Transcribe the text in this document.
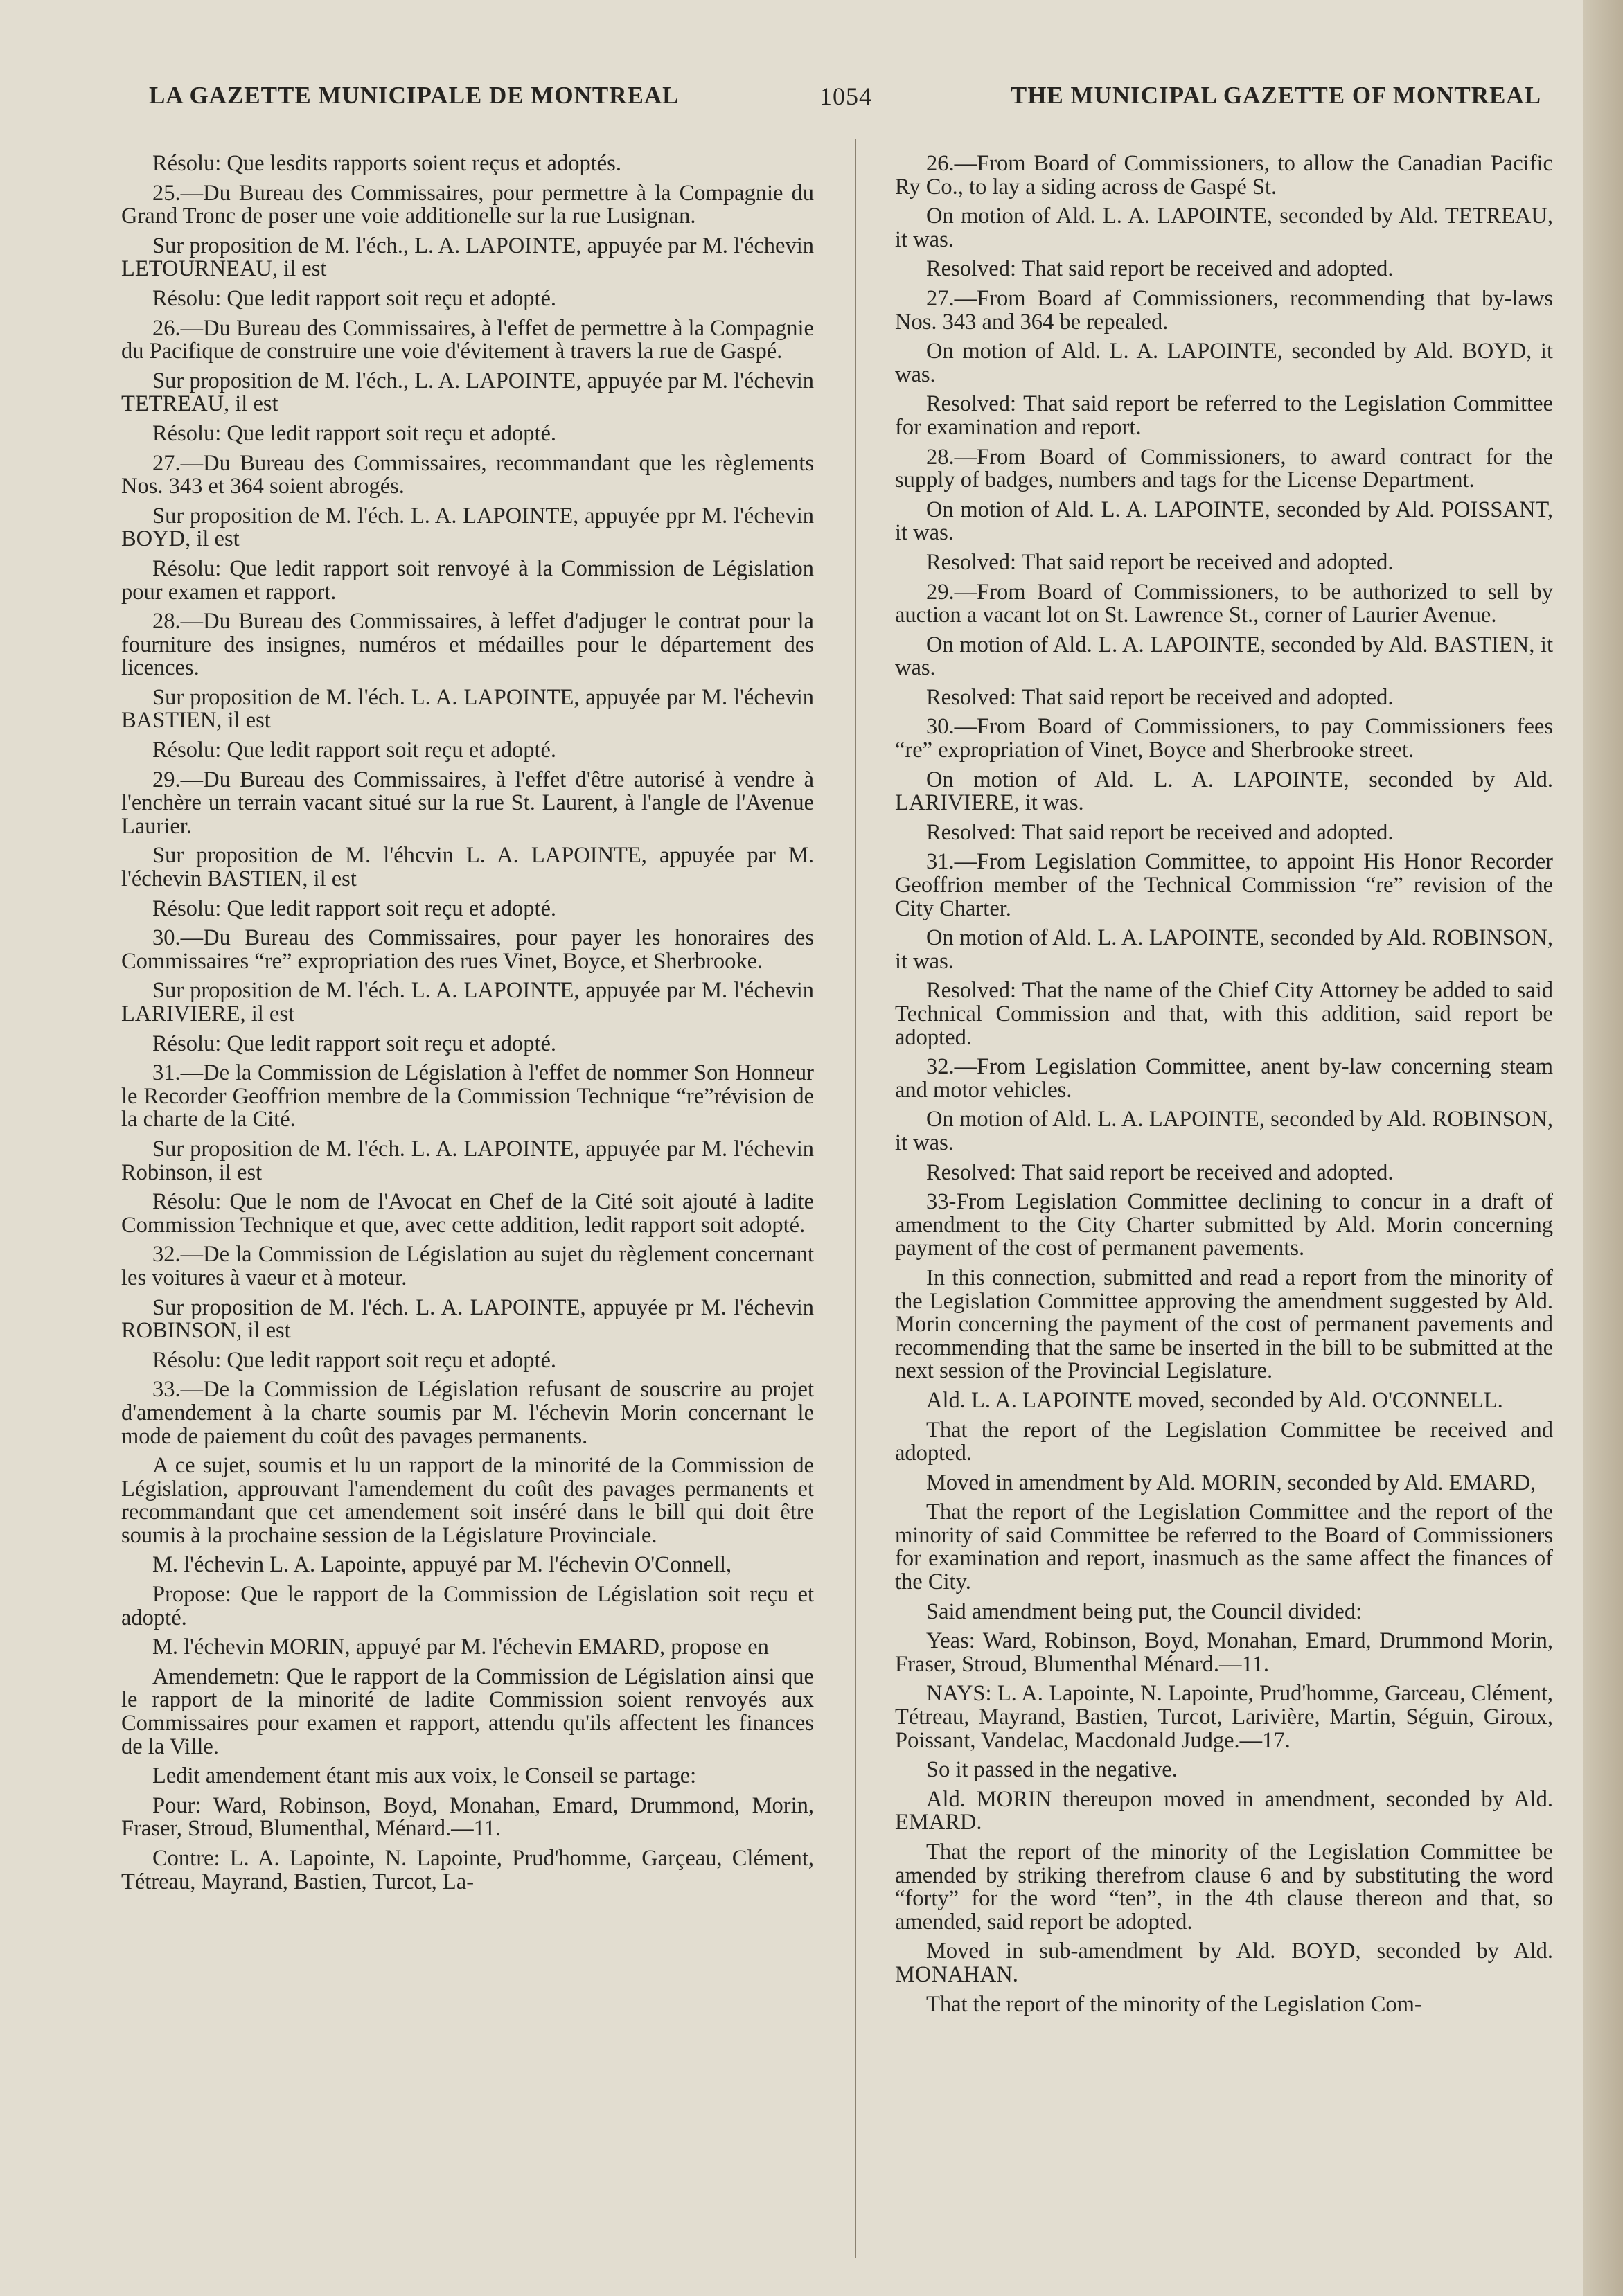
LA GAZETTE MUNICIPALE DE MONTREAL	1054	THE MUNICIPAL GAZETTE OF MONTREAL

Résolu: Que lesdits rapports soient reçus et adoptés.

25.—Du Bureau des Commissaires, pour permettre à la Compagnie du Grand Tronc de poser une voie additionelle sur la rue Lusignan.

Sur proposition de M. l'éch., L. A. LAPOINTE, appuyée par M. l'échevin LETOURNEAU, il est

Résolu: Que ledit rapport soit reçu et adopté.

26.—Du Bureau des Commissaires, à l'effet de permettre à la Compagnie du Pacifique de construire une voie d'évitement à travers la rue de Gaspé.

Sur proposition de M. l'éch., L. A. LAPOINTE, appuyée par M. l'échevin TETREAU, il est

Résolu: Que ledit rapport soit reçu et adopté.

27.—Du Bureau des Commissaires, recommandant que les règlements Nos. 343 et 364 soient abrogés.

Sur proposition de M. l'éch. L. A. LAPOINTE, appuyée ppr M. l'échevin BOYD, il est

Résolu: Que ledit rapport soit renvoyé à la Commission de Législation pour examen et rapport.

28.—Du Bureau des Commissaires, à leffet d'adjuger le contrat pour la fourniture des insignes, numéros et médailles pour le département des licences.

Sur proposition de M. l'éch. L. A. LAPOINTE, appuyée par M. l'échevin BASTIEN, il est

Résolu: Que ledit rapport soit reçu et adopté.

29.—Du Bureau des Commissaires, à l'effet d'être autorisé à vendre à l'enchère un terrain vacant situé sur la rue St. Laurent, à l'angle de l'Avenue Laurier.

Sur proposition de M. l'éhcvin L. A. LAPOINTE, appuyée par M. l'échevin BASTIEN, il est

Résolu: Que ledit rapport soit reçu et adopté.

30.—Du Bureau des Commissaires, pour payer les honoraires des Commissaires “re” expropriation des rues Vinet, Boyce, et Sherbrooke.

Sur proposition de M. l'éch. L. A. LAPOINTE, appuyée par M. l'échevin LARIVIERE, il est

Résolu: Que ledit rapport soit reçu et adopté.

31.—De la Commission de Législation à l'effet de nommer Son Honneur le Recorder Geoffrion membre de la Commission Technique “re”révision de la charte de la Cité.

Sur proposition de M. l'éch. L. A. LAPOINTE, appuyée par M. l'échevin Robinson, il est

Résolu: Que le nom de l'Avocat en Chef de la Cité soit ajouté à ladite Commission Technique et que, avec cette addition, ledit rapport soit adopté.

32.—De la Commission de Législation au sujet du règlement concernant les voitures à vaeur et à moteur.

Sur proposition de M. l'éch. L. A. LAPOINTE, appuyée pr M. l'échevin ROBINSON, il est

Résolu: Que ledit rapport soit reçu et adopté.

33.—De la Commission de Législation refusant de souscrire au projet d'amendement à la charte soumis par M. l'échevin Morin concernant le mode de paiement du coût des pavages permanents.

A ce sujet, soumis et lu un rapport de la minorité de la Commission de Législation, approuvant l'amendement du coût des pavages permanents et recommandant que cet amendement soit inséré dans le bill qui doit être soumis à la prochaine session de la Législature Provinciale.

M. l'échevin L. A. Lapointe, appuyé par M. l'échevin O'Connell,

Propose: Que le rapport de la Commission de Législation soit reçu et adopté.

M. l'échevin MORIN, appuyé par M. l'échevin EMARD, propose en

Amendemetn: Que le rapport de la Commission de Législation ainsi que le rapport de la minorité de ladite Commission soient renvoyés aux Commissaires pour examen et rapport, attendu qu'ils affectent les finances de la Ville.

Ledit amendement étant mis aux voix, le Conseil se partage:

Pour: Ward, Robinson, Boyd, Monahan, Emard, Drummond, Morin, Fraser, Stroud, Blumenthal, Ménard.—11.

Contre: L. A. Lapointe, N. Lapointe, Prud'homme, Garçeau, Clément, Tétreau, Mayrand, Bastien, Turcot, La-

26.—From Board of Commissioners, to allow the Canadian Pacific Ry Co., to lay a siding across de Gaspé St.

On motion of Ald. L. A. LAPOINTE, seconded by Ald. TETREAU, it was.

Resolved: That said report be received and adopted.

27.—From Board af Commissioners, recommending that by-laws Nos. 343 and 364 be repealed.

On motion of Ald. L. A. LAPOINTE, seconded by Ald. BOYD, it was.

Resolved: That said report be referred to the Legislation Committee for examination and report.

28.—From Board of Commissioners, to award contract for the supply of badges, numbers and tags for the License Department.

On motion of Ald. L. A. LAPOINTE, seconded by Ald. POISSANT, it was.

Resolved: That said report be received and adopted.

29.—From Board of Commissioners, to be authorized to sell by auction a vacant lot on St. Lawrence St., corner of Laurier Avenue.

On motion of Ald. L. A. LAPOINTE, seconded by Ald. BASTIEN, it was.

Resolved: That said report be received and adopted.

30.—From Board of Commissioners, to pay Commissioners fees “re” expropriation of Vinet, Boyce and Sherbrooke street.

On motion of Ald. L. A. LAPOINTE, seconded by Ald. LARIVIERE, it was.

Resolved: That said report be received and adopted.

31.—From Legislation Committee, to appoint His Honor Recorder Geoffrion member of the Technical Commission “re” revision of the City Charter.

On motion of Ald. L. A. LAPOINTE, seconded by Ald. ROBINSON, it was.

Resolved: That the name of the Chief City Attorney be added to said Technical Commission and that, with this addition, said report be adopted.

32.—From Legislation Committee, anent by-law concerning steam and motor vehicles.

On motion of Ald. L. A. LAPOINTE, seconded by Ald. ROBINSON, it was.

Resolved: That said report be received and adopted.

33-From Legislation Committee declining to concur in a draft of amendment to the City Charter submitted by Ald. Morin concerning payment of the cost of permanent pavements.

In this connection, submitted and read a report from the minority of the Legislation Committee approving the amendment suggested by Ald. Morin concerning the payment of the cost of permanent pavements and recommending that the same be inserted in the bill to be submitted at the next session of the Provincial Legislature.

Ald. L. A. LAPOINTE moved, seconded by Ald. O'CONNELL.

That the report of the Legislation Committee be received and adopted.

Moved in amendment by Ald. MORIN, seconded by Ald. EMARD,

That the report of the Legislation Committee and the report of the minority of said Committee be referred to the Board of Commissioners for examination and report, inasmuch as the same affect the finances of the City.

Said amendment being put, the Council divided:

Yeas: Ward, Robinson, Boyd, Monahan, Emard, Drummond Morin, Fraser, Stroud, Blumenthal Ménard.—11.

NAYS: L. A. Lapointe, N. Lapointe, Prud'homme, Garceau, Clément, Tétreau, Mayrand, Bastien, Turcot, Larivière, Martin, Séguin, Giroux, Poissant, Vandelac, Macdonald Judge.—17.

So it passed in the negative.

Ald. MORIN thereupon moved in amendment, seconded by Ald. EMARD.

That the report of the minority of the Legislation Committee be amended by striking therefrom clause 6 and by substituting the word “forty” for the word “ten”, in the 4th clause thereon and that, so amended, said report be adopted.

Moved in sub-amendment by Ald. BOYD, seconded by Ald. MONAHAN.

That the report of the minority of the Legislation Com-
